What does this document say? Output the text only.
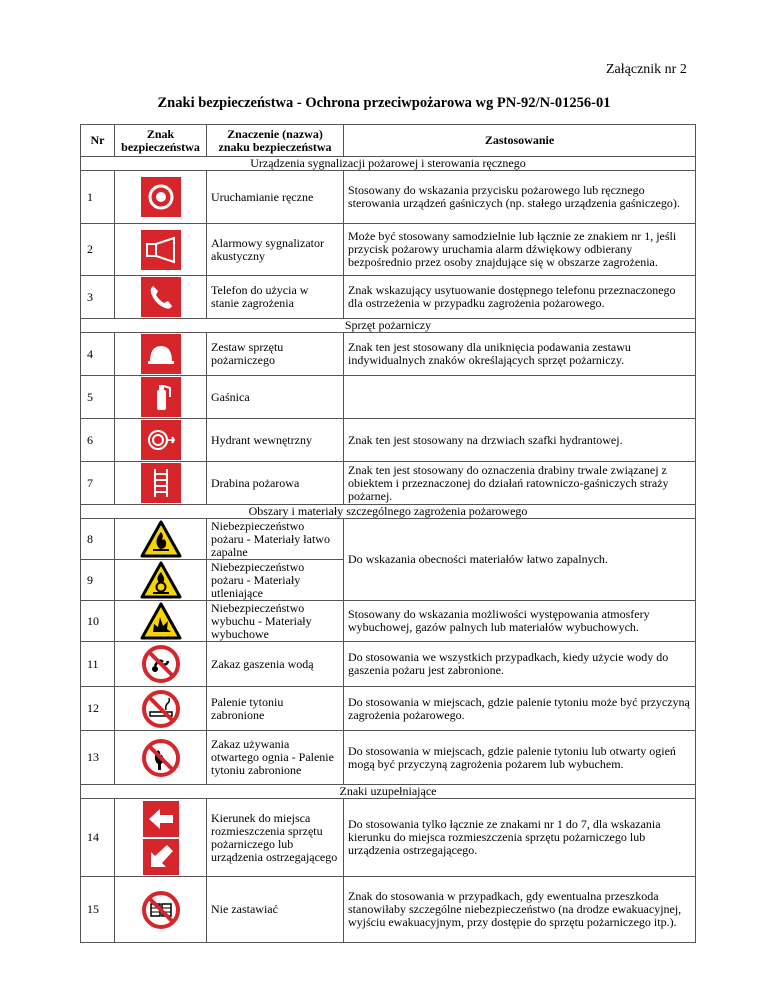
Załącznik nr 2
Znaki bezpieczeństwa - Ochrona przeciwpożarowa wg PN-92/N-01256-01
Nr	Znak bezpieczeństwa	Znaczenie (nazwa) znaku bezpieczeństwa	Zastosowanie
Urządzenia sygnalizacji pożarowej i sterowania ręcznego			
1		Uruchamianie ręczne	Stosowany do wskazania przycisku pożarowego lub ręcznego sterowania urządzeń gaśniczych (np. stałego urządzenia gaśniczego).
2		Alarmowy sygnalizator akustyczny	Może być stosowany samodzielnie lub łącznie ze znakiem nr 1, jeśli przycisk pożarowy uruchamia alarm dźwiękowy odbierany bezpośrednio przez osoby znajdujące się w obszarze zagrożenia.
3		Telefon do użycia w stanie zagrożenia	Znak wskazujący usytuowanie dostępnego telefonu przeznaczonego dla ostrzeżenia w przypadku zagrożenia pożarowego.
Sprzęt pożarniczy			
4		Zestaw sprzętu pożarniczego	Znak ten jest stosowany dla uniknięcia podawania zestawu indywidualnych znaków określających sprzęt pożarniczy.
5		Gaśnica	
6		Hydrant wewnętrzny	Znak ten jest stosowany na drzwiach szafki hydrantowej.
7		Drabina pożarowa	Znak ten jest stosowany do oznaczenia drabiny trwale związanej z obiektem i przeznaczonej do działań ratowniczo-gaśniczych straży pożarnej.
Obszary i materiały szczególnego zagrożenia pożarowego			
8		Niebezpieczeństwo pożaru - Materiały łatwo zapalne	Do wskazania obecności materiałów łatwo zapalnych.
9		Niebezpieczeństwo pożaru - Materiały utleniające	
10		Niebezpieczeństwo wybuchu - Materiały wybuchowe	Stosowany do wskazania możliwości występowania atmosfery wybuchowej, gazów palnych lub materiałów wybuchowych.
11		Zakaz gaszenia wodą	Do stosowania we wszystkich przypadkach, kiedy użycie wody do gaszenia pożaru jest zabronione.
12		Palenie tytoniu zabronione	Do stosowania w miejscach, gdzie palenie tytoniu może być przyczyną zagrożenia pożarowego.
13		Zakaz używania otwartego ognia - Palenie tytoniu zabronione	Do stosowania w miejscach, gdzie palenie tytoniu lub otwarty ogień mogą być przyczyną zagrożenia pożarem lub wybuchem.
Znaki uzupełniające			
14		Kierunek do miejsca rozmieszczenia sprzętu pożarniczego lub urządzenia ostrzegającego	Do stosowania tylko łącznie ze znakami nr 1 do 7, dla wskazania kierunku do miejsca rozmieszczenia sprzętu pożarniczego lub urządzenia ostrzegającego.
15		Nie zastawiać	Znak do stosowania w przypadkach, gdy ewentualna przeszkoda stanowiłaby szczególne niebezpieczeństwo (na drodze ewakuacyjnej, wyjściu ewakuacyjnym, przy dostępie do sprzętu pożarniczego itp.).
